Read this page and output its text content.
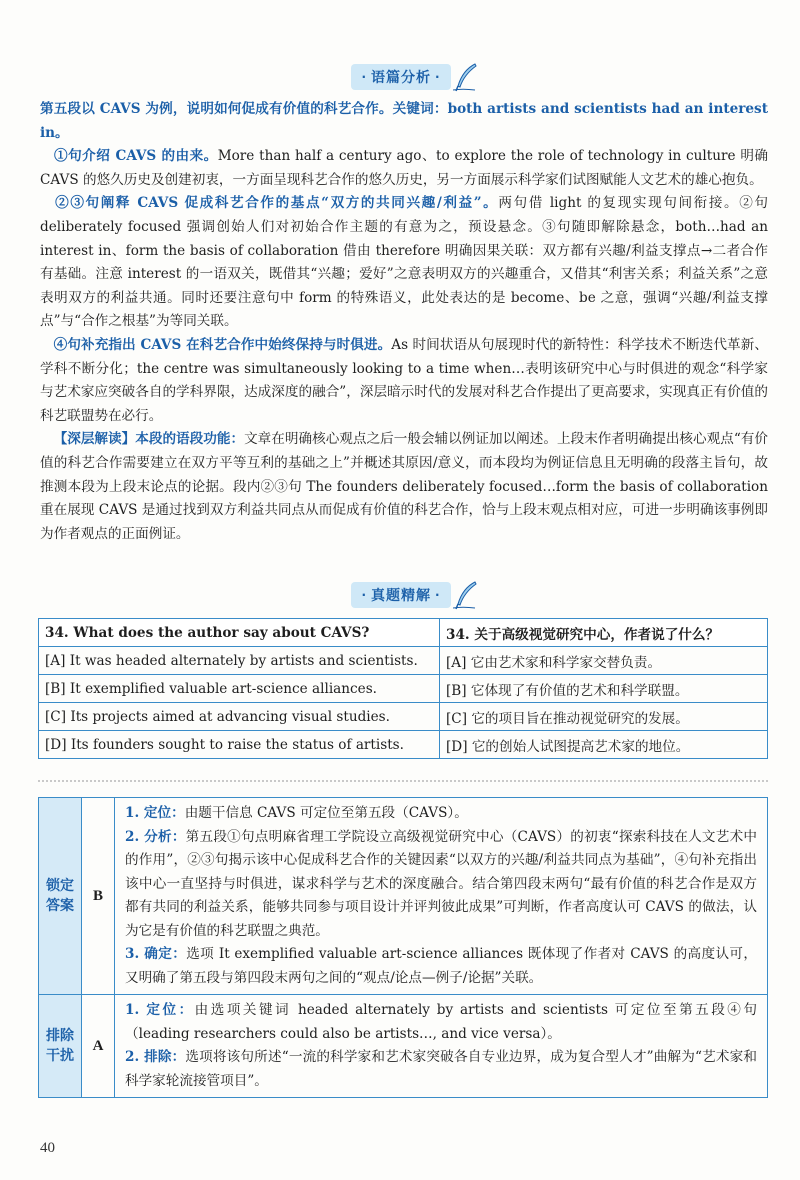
· 语篇分析 ·

第五段以 CAVS 为例，说明如何促成有价值的科艺合作。关键词：both artists and scientists had an interest in。

 ①句介绍 CAVS 的由来。More than half a century ago、to explore the role of technology in culture 明确 CAVS 的悠久历史及创建初衷，一方面呈现科艺合作的悠久历史，另一方面展示科学家们试图赋能人文艺术的雄心抱负。

 ②③句阐释 CAVS 促成科艺合作的基点“双方的共同兴趣/利益”。两句借 light 的复现实现句间衔接。②句 deliberately focused 强调创始人们对初始合作主题的有意为之，预设悬念。③句随即解除悬念，both…had an interest in、form the basis of collaboration 借由 therefore 明确因果关联：双方都有兴趣/利益支撑点→二者合作有基础。注意 interest 的一语双关，既借其“兴趣；爱好”之意表明双方的兴趣重合，又借其“利害关系；利益关系”之意表明双方的利益共通。同时还要注意句中 form 的特殊语义，此处表达的是 become、be 之意，强调“兴趣/利益支撑点”与“合作之根基”为等同关联。

 ④句补充指出 CAVS 在科艺合作中始终保持与时俱进。As 时间状语从句展现时代的新特性：科学技术不断迭代革新、学科不断分化；the centre was simultaneously looking to a time when…表明该研究中心与时俱进的观念“科学家与艺术家应突破各自的学科界限，达成深度的融合”，深层暗示时代的发展对科艺合作提出了更高要求，实现真正有价值的科艺联盟势在必行。

 【深层解读】本段的语段功能：文章在明确核心观点之后一般会辅以例证加以阐述。上段末作者明确提出核心观点“有价值的科艺合作需要建立在双方平等互利的基础之上”并概述其原因/意义，而本段均为例证信息且无明确的段落主旨句，故推测本段为上段末论点的论据。段内②③句 The founders deliberately focused…form the basis of collaboration 重在展现 CAVS 是通过找到双方利益共同点从而促成有价值的科艺合作，恰与上段末观点相对应，可进一步明确该事例即为作者观点的正面例证。

· 真题精解 ·
34. What does the author say about CAVS?	34. 关于高级视觉研究中心，作者说了什么？
[A] It was headed alternately by artists and scientists.	[A] 它由艺术家和科学家交替负责。
[B] It exemplified valuable art-science alliances.	[B] 它体现了有价值的艺术和科学联盟。
[C] Its projects aimed at advancing visual studies.	[C] 它的项目旨在推动视觉研究的发展。
[D] Its founders sought to raise the status of artists.	[D] 它的创始人试图提高艺术家的地位。
锁定答案	B	1. 定位：由题干信息 CAVS 可定位至第五段（CAVS）。

2. 分析：第五段①句点明麻省理工学院设立高级视觉研究中心（CAVS）的初衷“探索科技在人文艺术中的作用”，②③句揭示该中心促成科艺合作的关键因素“以双方的兴趣/利益共同点为基础”，④句补充指出该中心一直坚持与时俱进，谋求科学与艺术的深度融合。结合第四段末两句“最有价值的科艺合作是双方都有共同的利益关系，能够共同参与项目设计并评判彼此成果”可判断，作者高度认可 CAVS 的做法，认为它是有价值的科艺联盟之典范。

3. 确定：选项 It exemplified valuable art-science alliances 既体现了作者对 CAVS 的高度认可，又明确了第五段与第四段末两句之间的“观点/论点—例子/论据”关联。

排除干扰	A	1. 定位：由选项关键词 headed alternately by artists and scientists 可定位至第五段④句（leading researchers could also be artists…, and vice versa）。

2. 排除：选项将该句所述“一流的科学家和艺术家突破各自专业边界，成为复合型人才”曲解为“艺术家和科学家轮流接管项目”。

40
